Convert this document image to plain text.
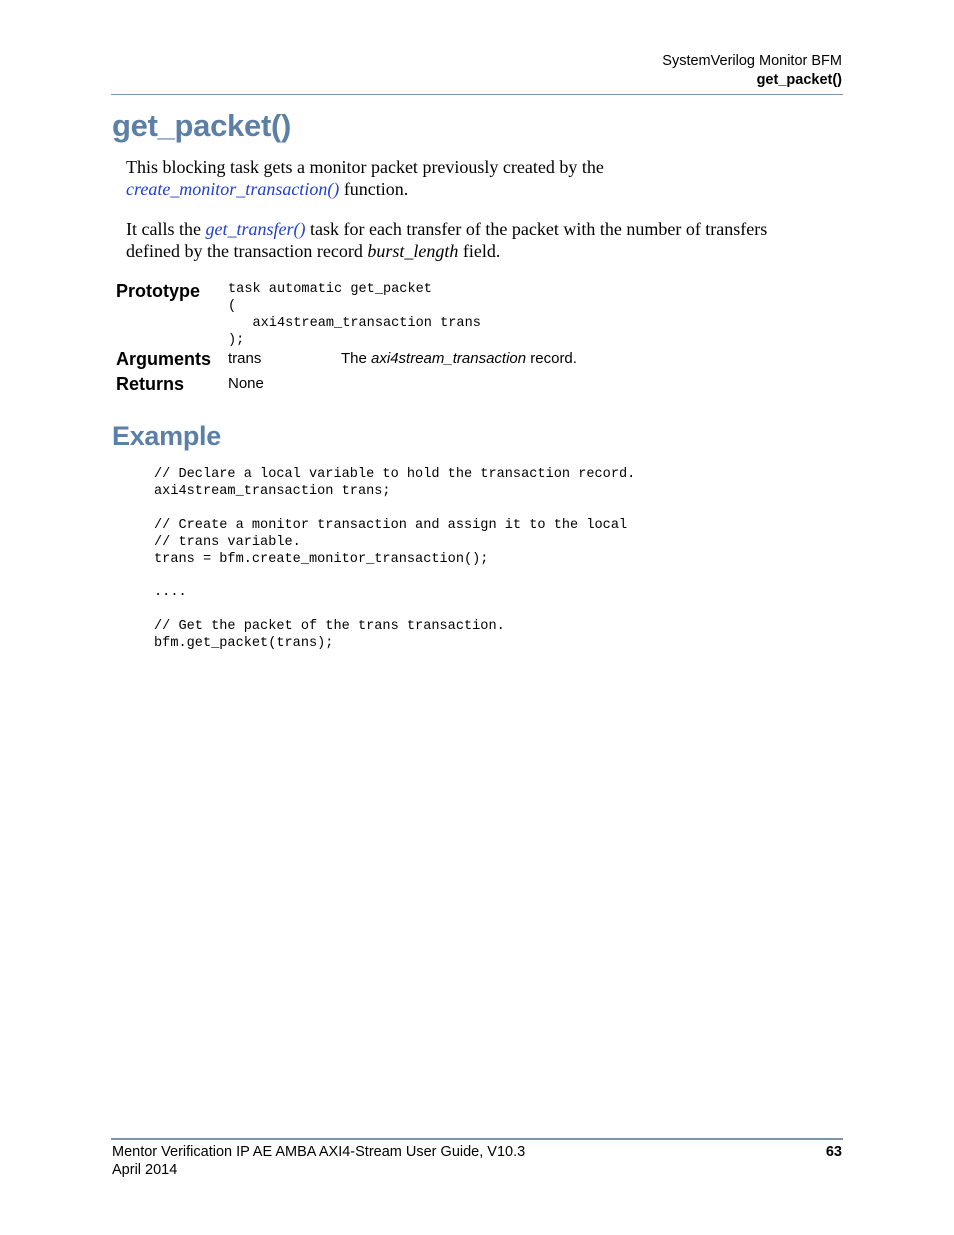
SystemVerilog Monitor BFM
get_packet()
get_packet()
This blocking task gets a monitor packet previously created by the
create_monitor_transaction() function.
It calls the get_transfer() task for each transfer of the packet with the number of transfers
defined by the transaction record burst_length field.
Prototype task automatic get_packet
(
axi4stream_transaction trans
);
Arguments trans	The axi4stream_transaction record.
Returns	None
Example
// Declare a local variable to hold the transaction record.
axi4stream_transaction trans;

// Create a monitor transaction and assign it to the local
// trans variable.
trans = bfm.create_monitor_transaction();

....

// Get the packet of the trans transaction.
bfm.get_packet(trans);
Mentor Verification IP AE AMBA AXI4-Stream User Guide, V10.3
April 2014
63
